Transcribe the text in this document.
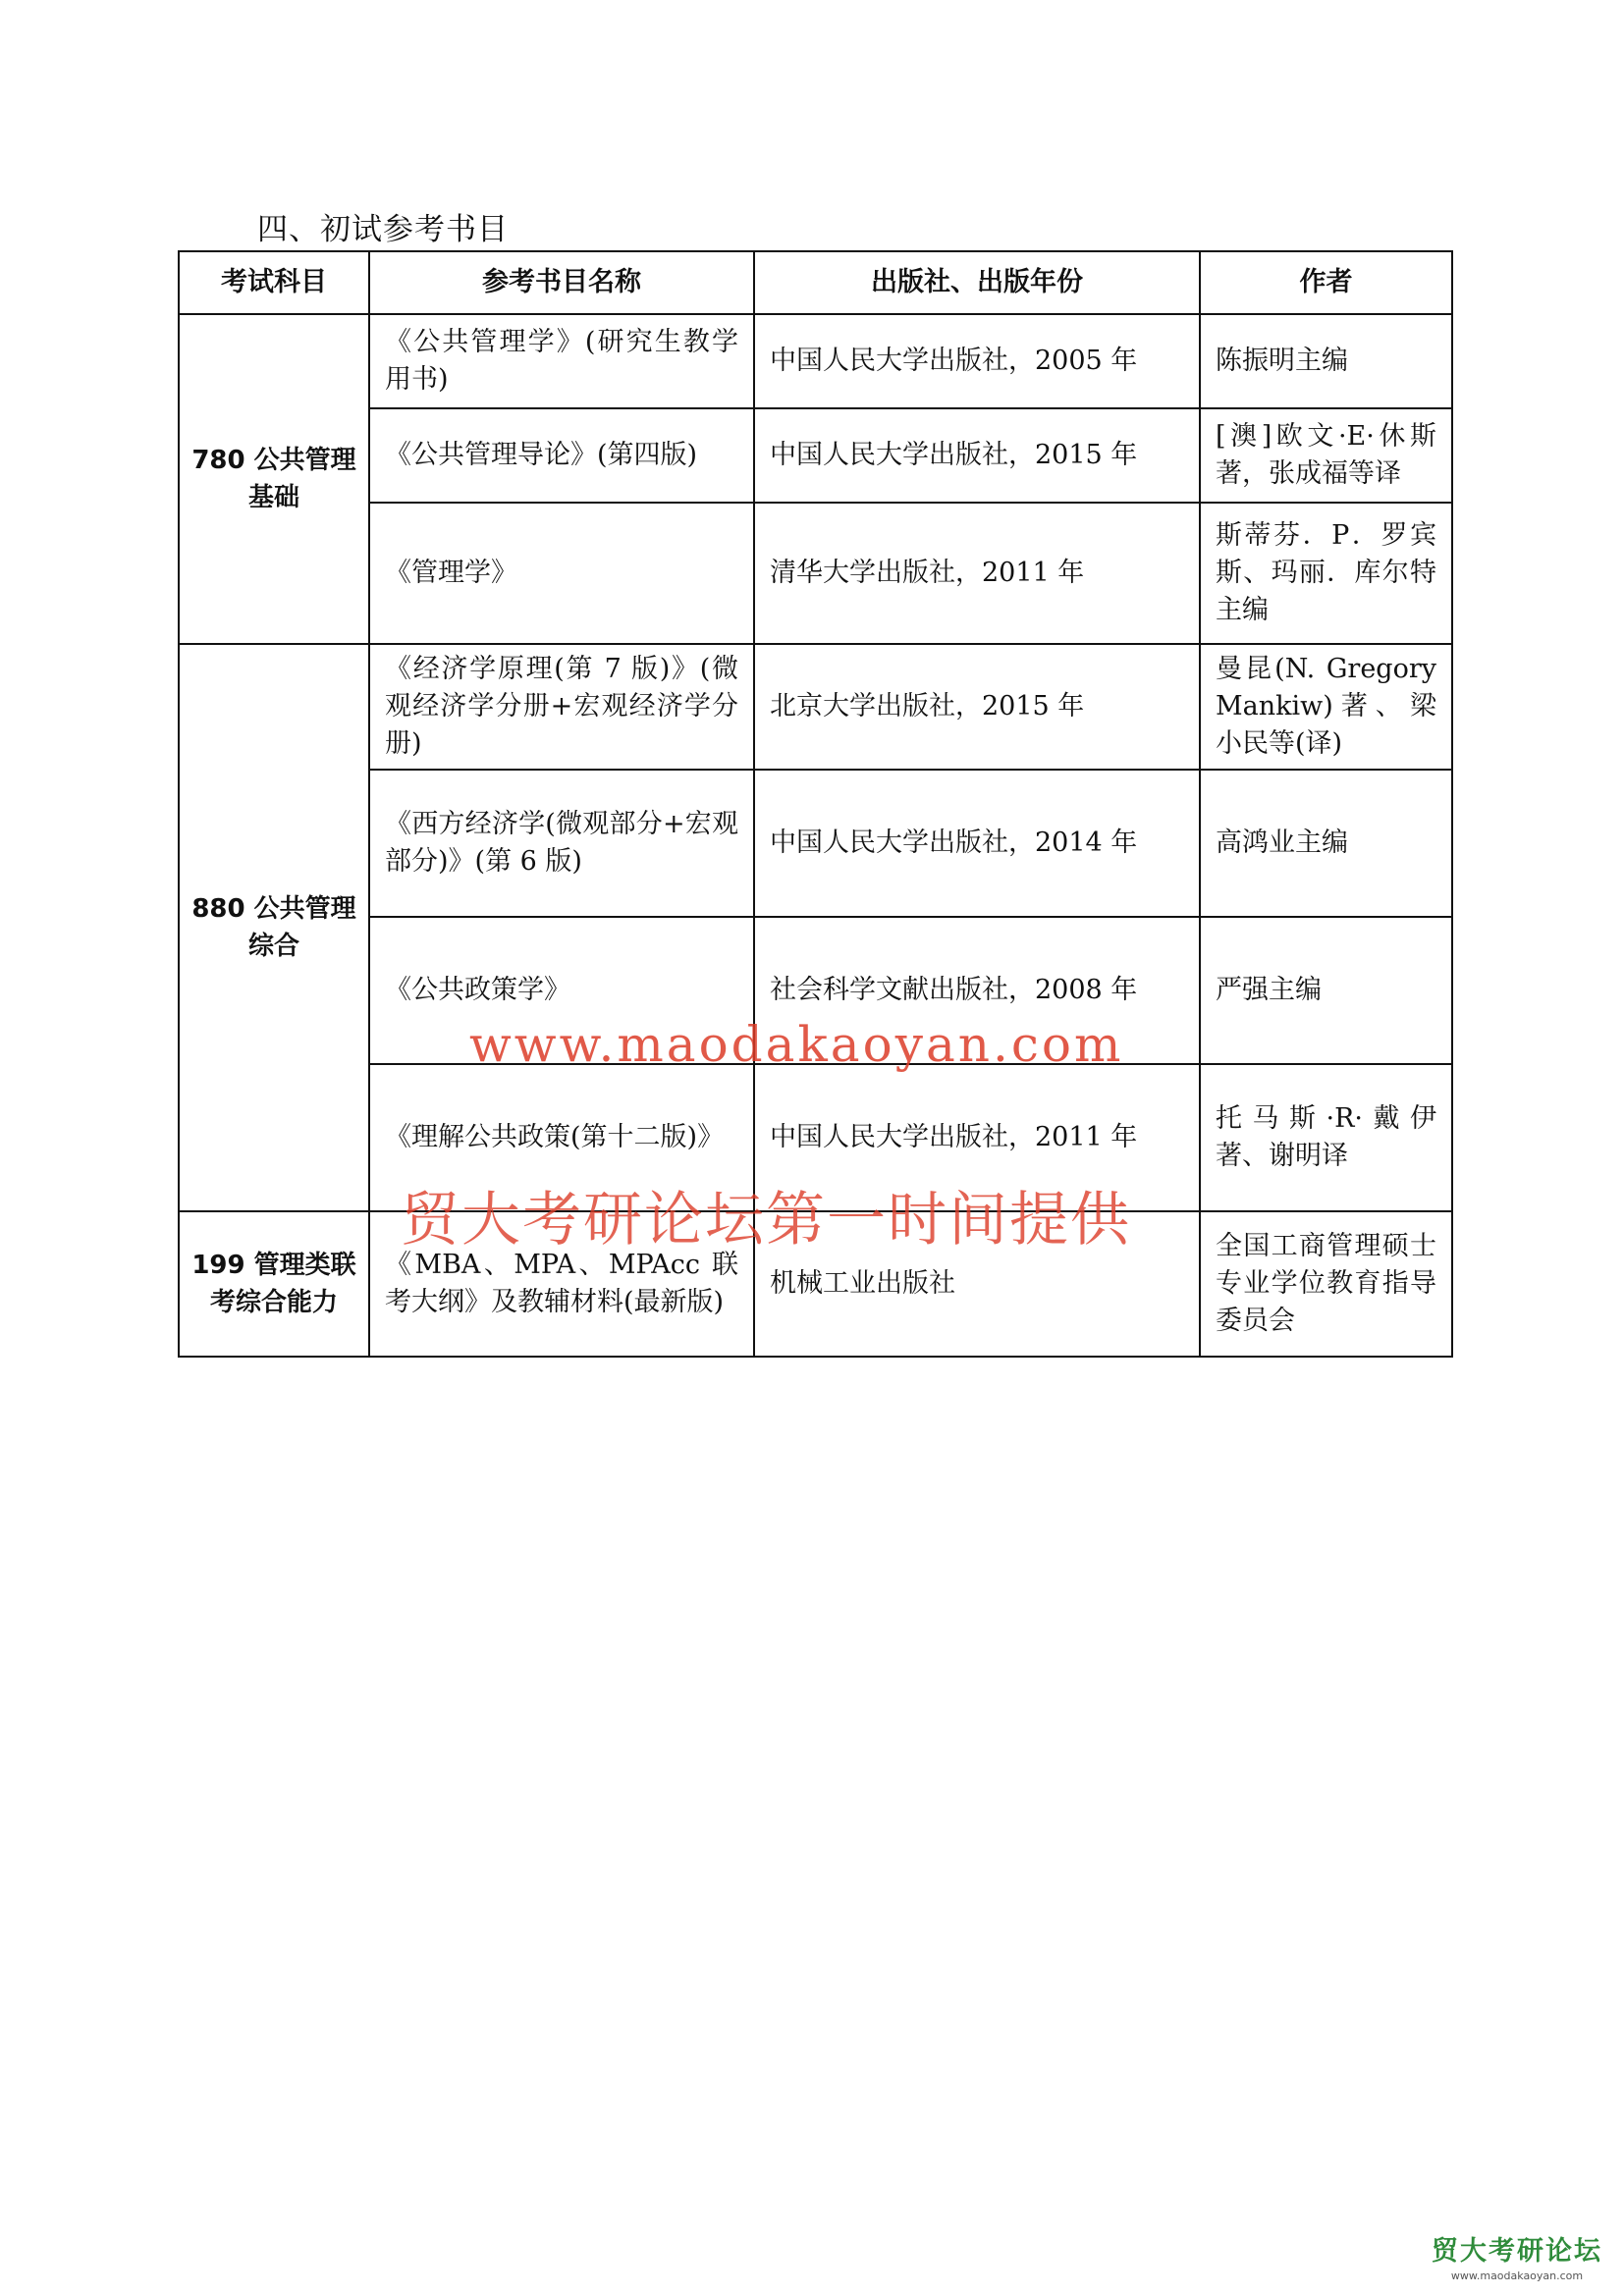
四、初试参考书目
考试科目	参考书目名称	出版社、出版年份	作者
780 公共管理基础	《公共管理学》(研究生教学用书)	中国人民大学出版社，2005 年	陈振明主编
	《公共管理导论》(第四版)	中国人民大学出版社，2015 年	[澳]欧文·E·休斯著，张成福等译
	《管理学》	清华大学出版社，2011 年	斯蒂芬．P．罗宾斯、玛丽．库尔特主编
880 公共管理综合	《经济学原理(第 7 版)》(微观经济学分册+宏观经济学分册)	北京大学出版社，2015 年	曼昆(N. Gregory Mankiw)著、梁小民等(译)
	《西方经济学(微观部分+宏观部分)》(第 6 版)	中国人民大学出版社，2014 年	高鸿业主编
	《公共政策学》	社会科学文献出版社，2008 年	严强主编
	《理解公共政策(第十二版)》	中国人民大学出版社，2011 年	托马斯·R·戴伊著、谢明译
199 管理类联考综合能力	《MBA、MPA、MPAcc 联考大纲》及教辅材料(最新版)	机械工业出版社	全国工商管理硕士专业学位教育指导委员会
www.maodakaoyan.com
贸大考研论坛第一时间提供
贸大考研论坛
www.maodakaoyan.com
